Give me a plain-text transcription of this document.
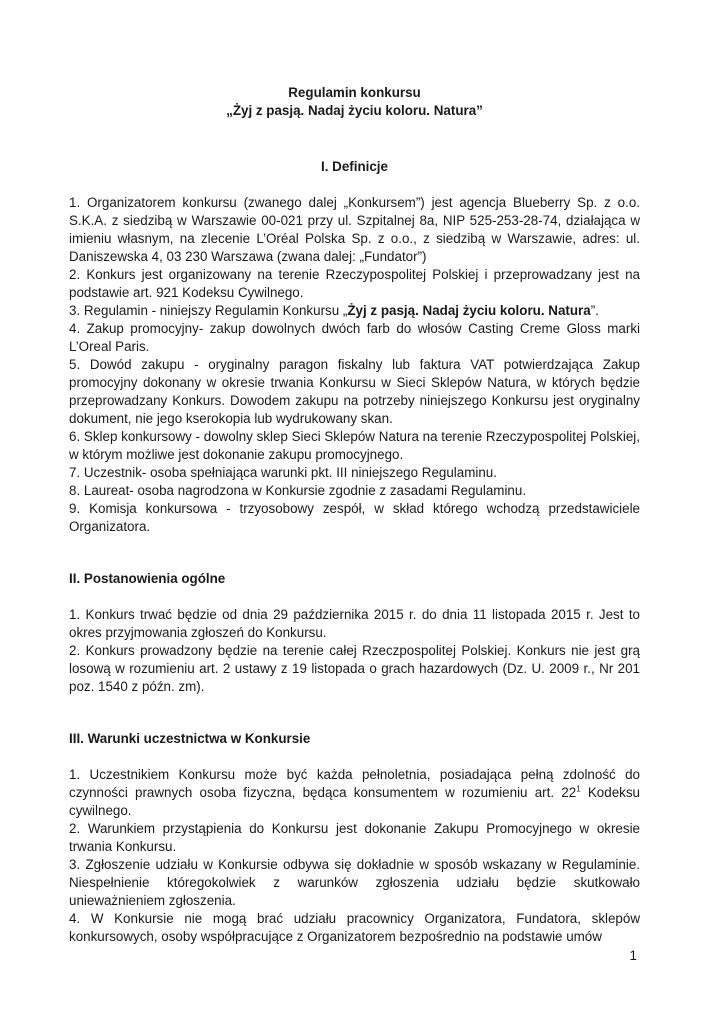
Regulamin konkursu

„Żyj z pasją. Nadaj życiu koloru. Natura”

I. Definicje

1. Organizatorem konkursu (zwanego dalej „Konkursem”) jest agencja Blueberry Sp. z o.o. S.K.A. z siedzibą w Warszawie 00-021 przy ul. Szpitalnej 8a, NIP 525-253-28-74, działająca w imieniu własnym, na zlecenie L’Oréal Polska Sp. z o.o., z siedzibą w Warszawie, adres: ul. Daniszewska 4, 03 230 Warszawa (zwana dalej: „Fundator”)

2. Konkurs jest organizowany na terenie Rzeczypospolitej Polskiej i przeprowadzany jest na podstawie art. 921 Kodeksu Cywilnego.

3. Regulamin - niniejszy Regulamin Konkursu „Żyj z pasją. Nadaj życiu koloru. Natura”.

4. Zakup promocyjny- zakup dowolnych dwóch farb do włosów Casting Creme Gloss marki L’Oreal Paris.

5. Dowód zakupu - oryginalny paragon fiskalny lub faktura VAT potwierdzająca Zakup promocyjny dokonany w okresie trwania Konkursu w Sieci Sklepów Natura, w których będzie przeprowadzany Konkurs. Dowodem zakupu na potrzeby niniejszego Konkursu jest oryginalny dokument, nie jego kserokopia lub wydrukowany skan.

6. Sklep konkursowy - dowolny sklep Sieci Sklepów Natura na terenie Rzeczypospolitej Polskiej, w którym możliwe jest dokonanie zakupu promocyjnego.

7. Uczestnik- osoba spełniająca warunki pkt. III niniejszego Regulaminu.

8. Laureat- osoba nagrodzona w Konkursie zgodnie z zasadami Regulaminu.

9. Komisja konkursowa - trzyosobowy zespół, w skład którego wchodzą przedstawiciele Organizatora.

II. Postanowienia ogólne

1. Konkurs trwać będzie od dnia 29 października 2015 r. do dnia 11 listopada 2015 r. Jest to okres przyjmowania zgłoszeń do Konkursu.

2. Konkurs prowadzony będzie na terenie całej Rzeczpospolitej Polskiej. Konkurs nie jest grą losową w rozumieniu art. 2 ustawy z 19 listopada o grach hazardowych (Dz. U. 2009 r., Nr 201 poz. 1540 z późn. zm).

III. Warunki uczestnictwa w Konkursie

1. Uczestnikiem Konkursu może być każda pełnoletnia, posiadająca pełną zdolność do czynności prawnych osoba fizyczna, będąca konsumentem w rozumieniu art. $22^1$ Kodeksu cywilnego.

2. Warunkiem przystąpienia do Konkursu jest dokonanie Zakupu Promocyjnego w okresie trwania Konkursu.

3. Zgłoszenie udziału w Konkursie odbywa się dokładnie w sposób wskazany w Regulaminie. Niespełnienie któregokolwiek z warunków zgłoszenia udziału będzie skutkowało unieważnieniem zgłoszenia.

4. W Konkursie nie mogą brać udziału pracownicy Organizatora, Fundatora, sklepów konkursowych, osoby współpracujące z Organizatorem bezpośrednio na podstawie umów

1
